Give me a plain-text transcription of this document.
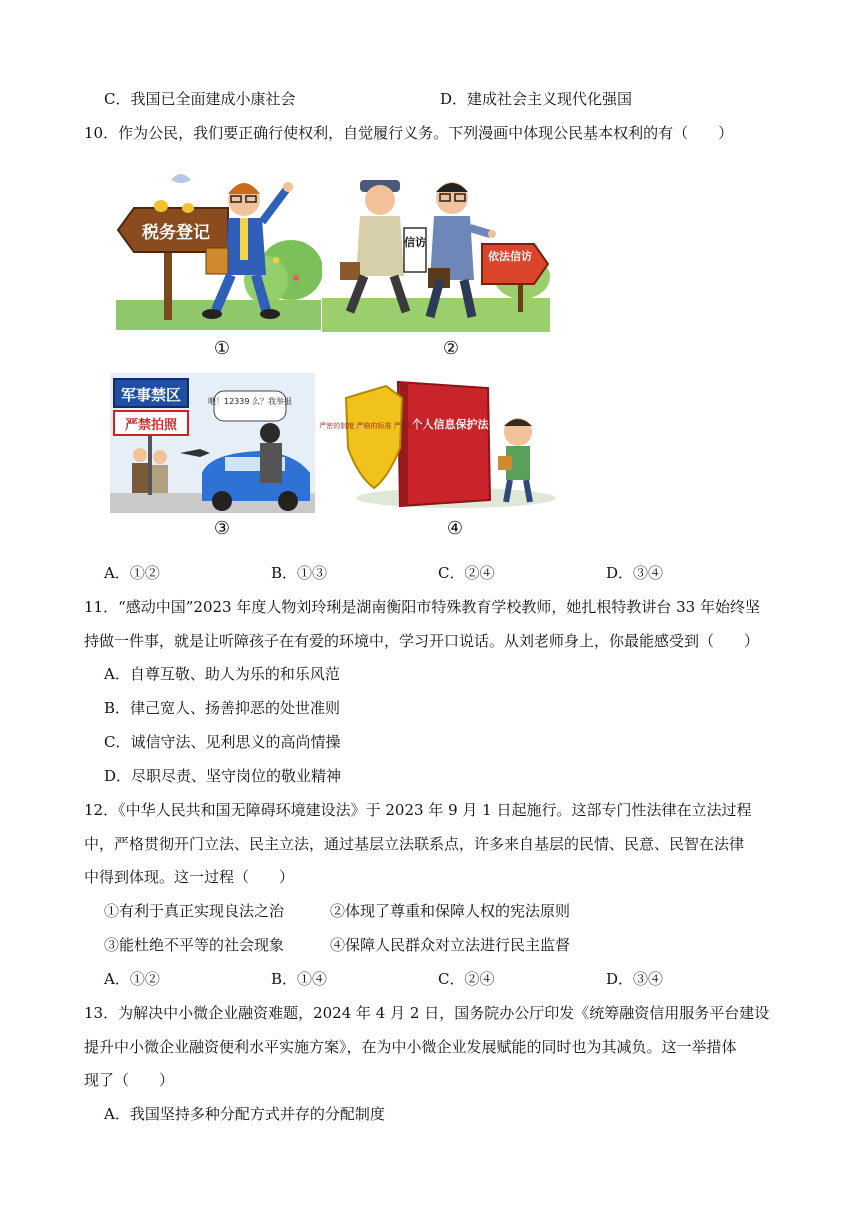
C．我国已全面建成小康社会	D．建成社会主义现代化强国
10．作为公民，我们要正确行使权利，自觉履行义务。下列漫画中体现公民基本权利的有（　　）
税务登记
①
依法信访
信访
②
军事禁区
严禁拍照
喂！12339 么？我举报
③
个人信息保护法
严密的制度 严格的标准 严厉的责任
④
A．①②	B．①③	C．②④	D．③④
11．“感动中国”2023 年度人物刘玲琍是湖南衡阳市特殊教育学校教师，她扎根特教讲台 33 年始终坚
持做一件事，就是让听障孩子在有爱的环境中，学习开口说话。从刘老师身上，你最能感受到（　　）
A．自尊互敬、助人为乐的和乐风范
B．律己宽人、扬善抑恶的处世准则
C．诚信守法、见利思义的高尚情操
D．尽职尽责、坚守岗位的敬业精神
12．《中华人民共和国无障碍环境建设法》于 2023 年 9 月 1 日起施行。这部专门性法律在立法过程
中，严格贯彻开门立法、民主立法，通过基层立法联系点，许多来自基层的民情、民意、民智在法律
中得到体现。这一过程（　　）
①有利于真正实现良法之治	②体现了尊重和保障人权的宪法原则
③能杜绝不平等的社会现象	④保障人民群众对立法进行民主监督
A．①②	B．①④	C．②④	D．③④
13．为解决中小微企业融资难题，2024 年 4 月 2 日，国务院办公厅印发《统筹融资信用服务平台建设
提升中小微企业融资便利水平实施方案》，在为中小微企业发展赋能的同时也为其减负。这一举措体
现了（　　）
A．我国坚持多种分配方式并存的分配制度
